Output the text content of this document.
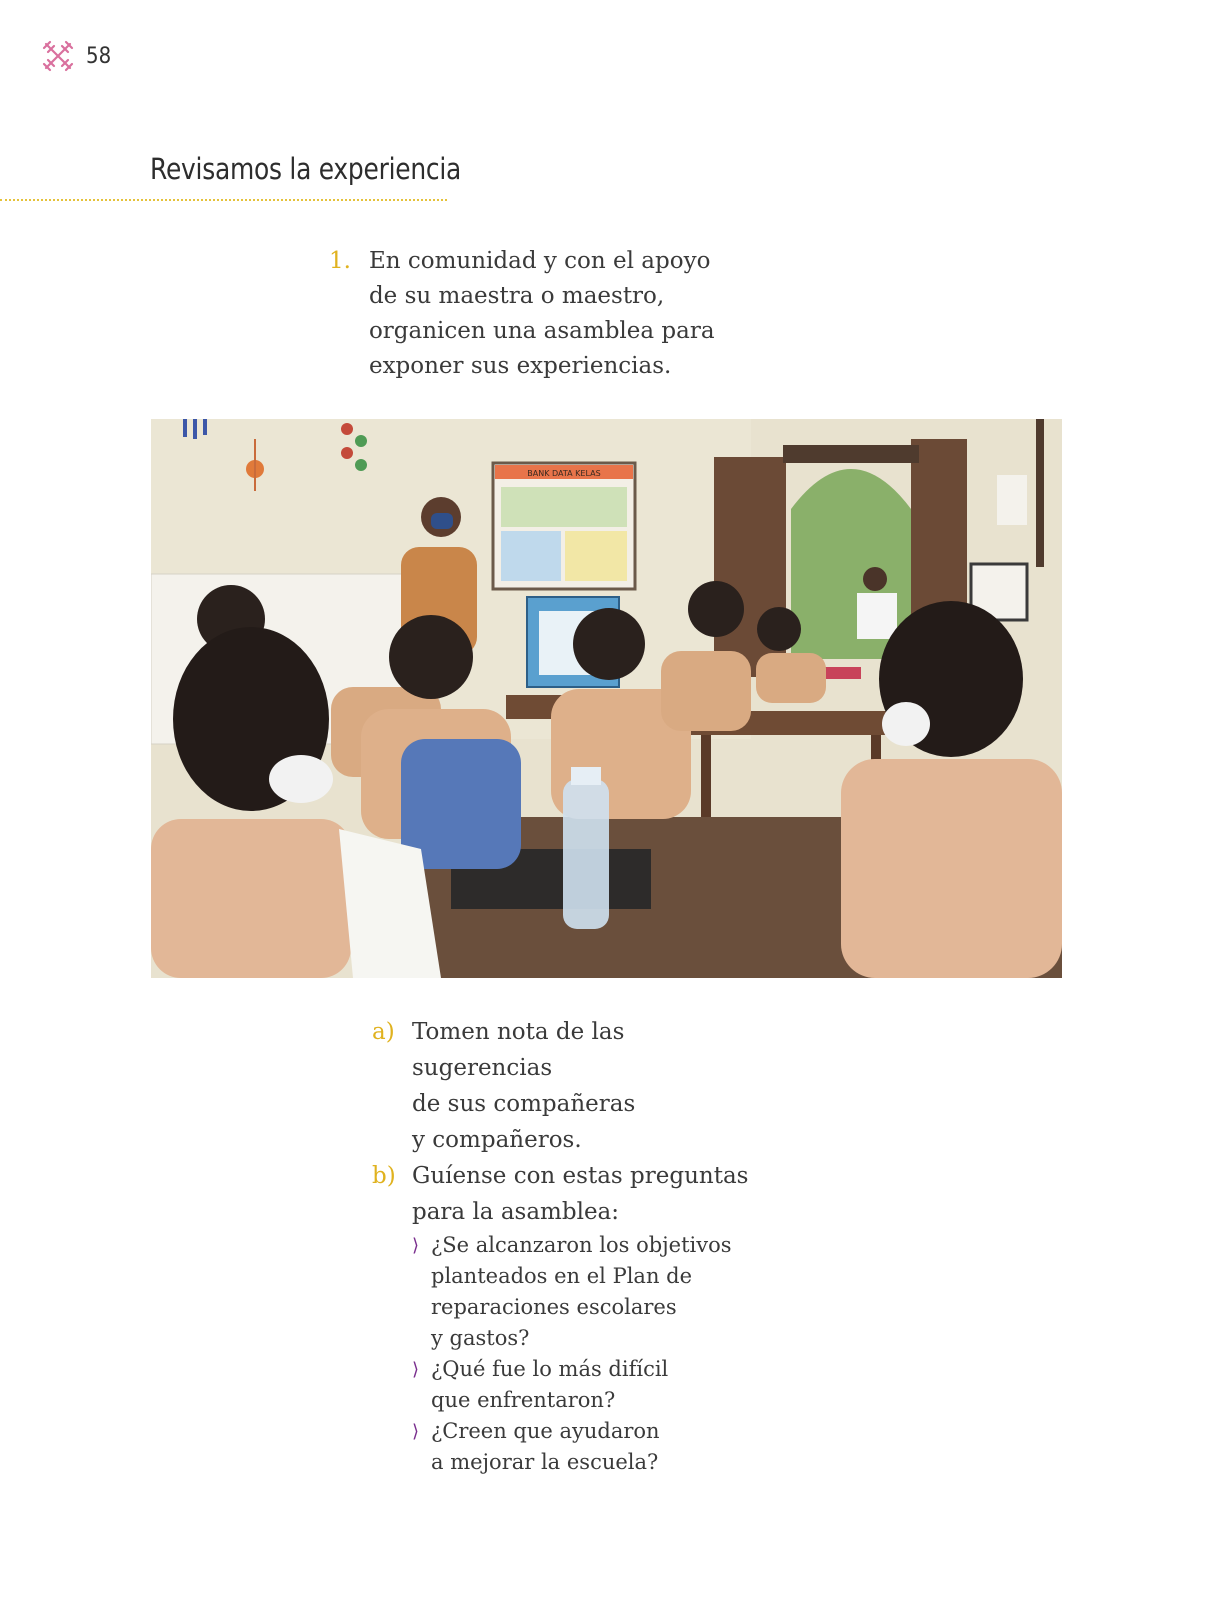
58
Revisamos la experiencia
1. En comunidad y con el apoyo
de su maestra o maestro,
organicen una asamblea para
exponer sus experiencias.
BANK DATA KELAS
a) Tomen nota de las
sugerencias
de sus compañeras
y compañeros.
b) Guíense con estas preguntas
para la asamblea:
⟩ ¿Se alcanzaron los objetivos
planteados en el Plan de
reparaciones escolares
y gastos?
⟩ ¿Qué fue lo más difícil
que enfrentaron?
⟩ ¿Creen que ayudaron
a mejorar la escuela?
